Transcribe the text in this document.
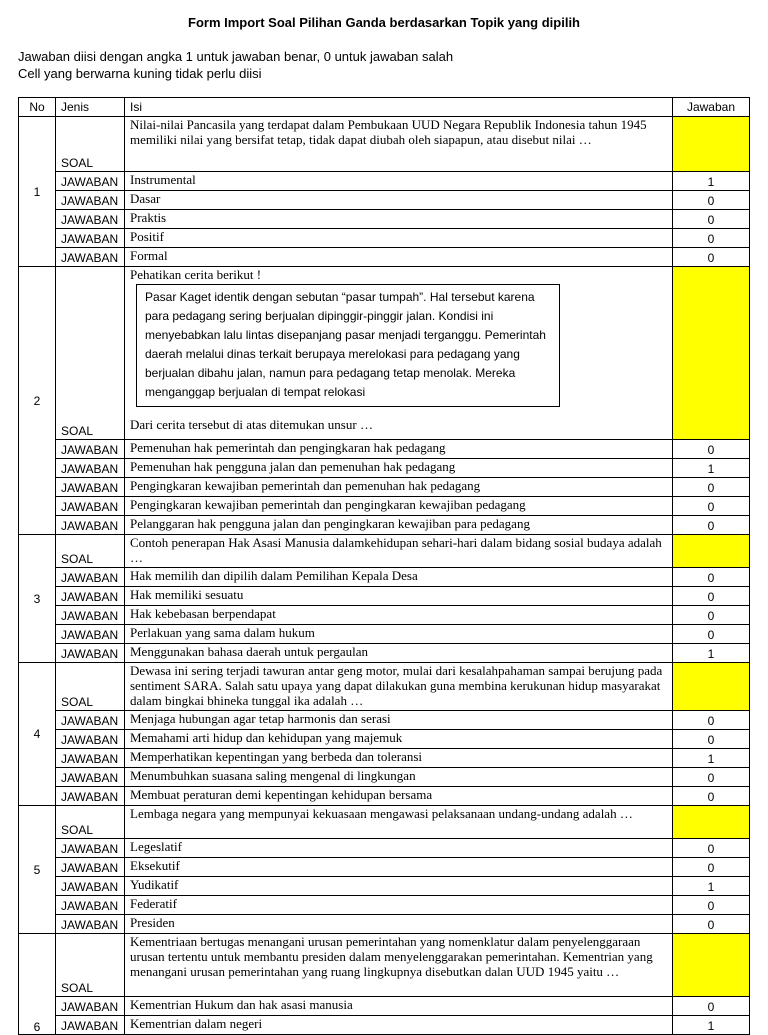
Form Import Soal Pilihan Ganda berdasarkan Topik yang dipilih
Jawaban diisi dengan angka 1 untuk jawaban benar, 0 untuk jawaban salah
Cell yang berwarna kuning tidak perlu diisi
No	Jenis	Isi	Jawaban
1	SOAL	Nilai-nilai Pancasila yang terdapat dalam Pembukaan UUD Negara Republik Indonesia tahun 1945 memiliki nilai yang bersifat tetap, tidak dapat diubah oleh siapapun, atau disebut nilai …	
	JAWABAN	Instrumental	1
	JAWABAN	Dasar	0
	JAWABAN	Praktis	0
	JAWABAN	Positif	0
	JAWABAN	Formal	0
2	SOAL	Pehatikan cerita berikut !
Pasar Kaget identik dengan sebutan “pasar tumpah”. Hal tersebut karena para pedagang sering berjualan dipinggir-pinggir jalan. Kondisi ini menyebabkan lalu lintas disepanjang pasar menjadi terganggu. Pemerintah daerah melalui dinas terkait berupaya merelokasi para pedagang yang berjualan dibahu jalan, namun para pedagang tetap menolak. Mereka menganggap berjualan di tempat relokasi
Dari cerita tersebut di atas ditemukan unsur …	

	JAWABAN	Pemenuhan hak pemerintah dan pengingkaran hak pedagang	0
	JAWABAN	Pemenuhan hak pengguna jalan dan pemenuhan hak pedagang	1
	JAWABAN	Pengingkaran kewajiban pemerintah dan pemenuhan hak pedagang	0
	JAWABAN	Pengingkaran kewajiban pemerintah dan pengingkaran kewajiban pedagang	0
	JAWABAN	Pelanggaran hak pengguna jalan dan pengingkaran kewajiban para pedagang	0
3	SOAL	Contoh penerapan Hak Asasi Manusia dalamkehidupan sehari-hari dalam bidang sosial budaya adalah …	
	JAWABAN	Hak memilih dan dipilih dalam Pemilihan Kepala Desa	0
	JAWABAN	Hak memiliki sesuatu	0
	JAWABAN	Hak kebebasan berpendapat	0
	JAWABAN	Perlakuan yang sama dalam hukum	0
	JAWABAN	Menggunakan bahasa daerah untuk pergaulan	1
4	SOAL	Dewasa ini sering terjadi tawuran antar geng motor, mulai dari kesalahpahaman sampai berujung pada sentiment SARA. Salah satu upaya yang dapat dilakukan guna membina kerukunan hidup masyarakat dalam bingkai bhineka tunggal ika adalah …	
	JAWABAN	Menjaga hubungan agar tetap harmonis dan serasi	0
	JAWABAN	Memahami arti hidup dan kehidupan yang majemuk	0
	JAWABAN	Memperhatikan kepentingan yang berbeda dan toleransi	1
	JAWABAN	Menumbuhkan suasana saling mengenal di lingkungan	0
	JAWABAN	Membuat peraturan demi kepentingan kehidupan bersama	0
5	SOAL	Lembaga negara yang mempunyai kekuasaan mengawasi pelaksanaan undang-undang adalah …	
	JAWABAN	Legeslatif	0
	JAWABAN	Eksekutif	0
	JAWABAN	Yudikatif	1
	JAWABAN	Federatif	0
	JAWABAN	Presiden	0
6	SOAL	Kementriaan bertugas menangani urusan pemerintahan yang nomenklatur dalam penyelenggaraan urusan tertentu untuk membantu presiden dalam menyelenggarakan pemerintahan. Kementrian yang menangani urusan pemerintahan yang ruang lingkupnya disebutkan dalan UUD 1945 yaitu …	
	JAWABAN	Kementrian Hukum dan hak asasi manusia	0
	JAWABAN	Kementrian dalam negeri	1
